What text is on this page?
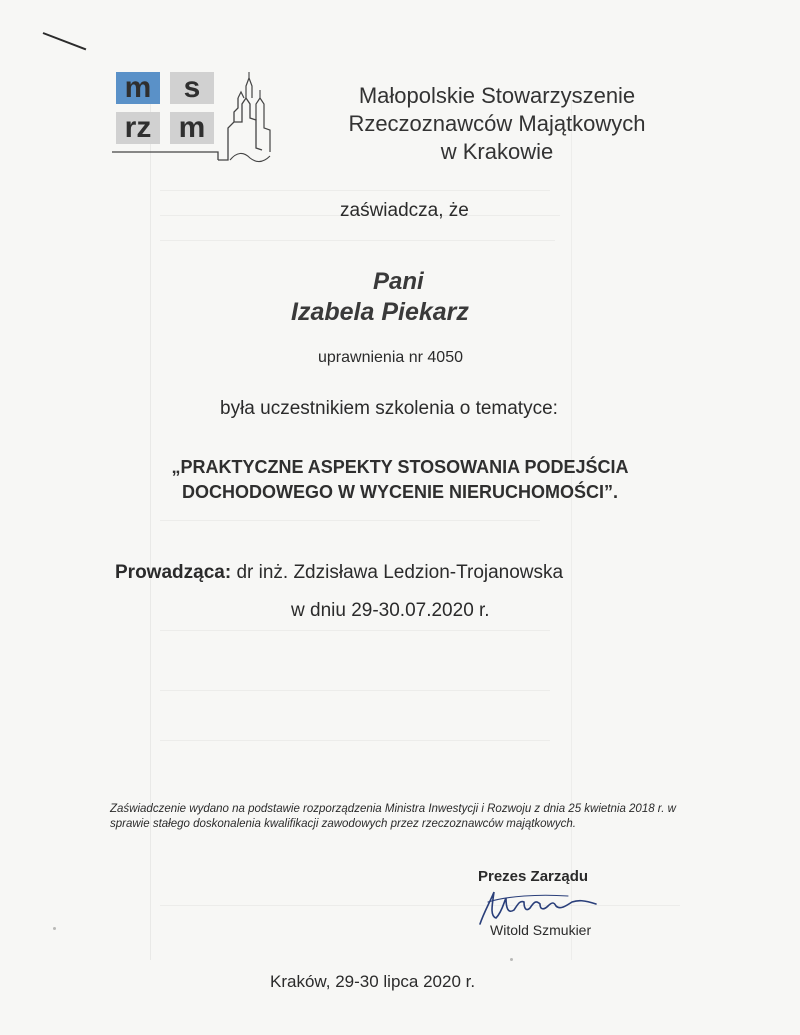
m	s
rz m
Małopolskie Stowarzyszenie
Rzeczoznawców Majątkowych
w Krakowie
zaświadcza, że
Pani
Izabela Piekarz
uprawnienia nr 4050
była uczestnikiem szkolenia o tematyce:
„PRAKTYCZNE ASPEKTY STOSOWANIA PODEJŚCIA
DOCHODOWEGO W WYCENIE NIERUCHOMOŚCI”.
Prowadząca: dr inż. Zdzisława Ledzion-Trojanowska
w dniu 29-30.07.2020 r.
Zaświadczenie wydano na podstawie rozporządzenia Ministra Inwestycji i Rozwoju z dnia 25 kwietnia 2018 r. w sprawie stałego doskonalenia kwalifikacji zawodowych przez rzeczoznawców majątkowych.
Prezes Zarządu
Witold Szmukier
Kraków, 29-30 lipca 2020 r.
